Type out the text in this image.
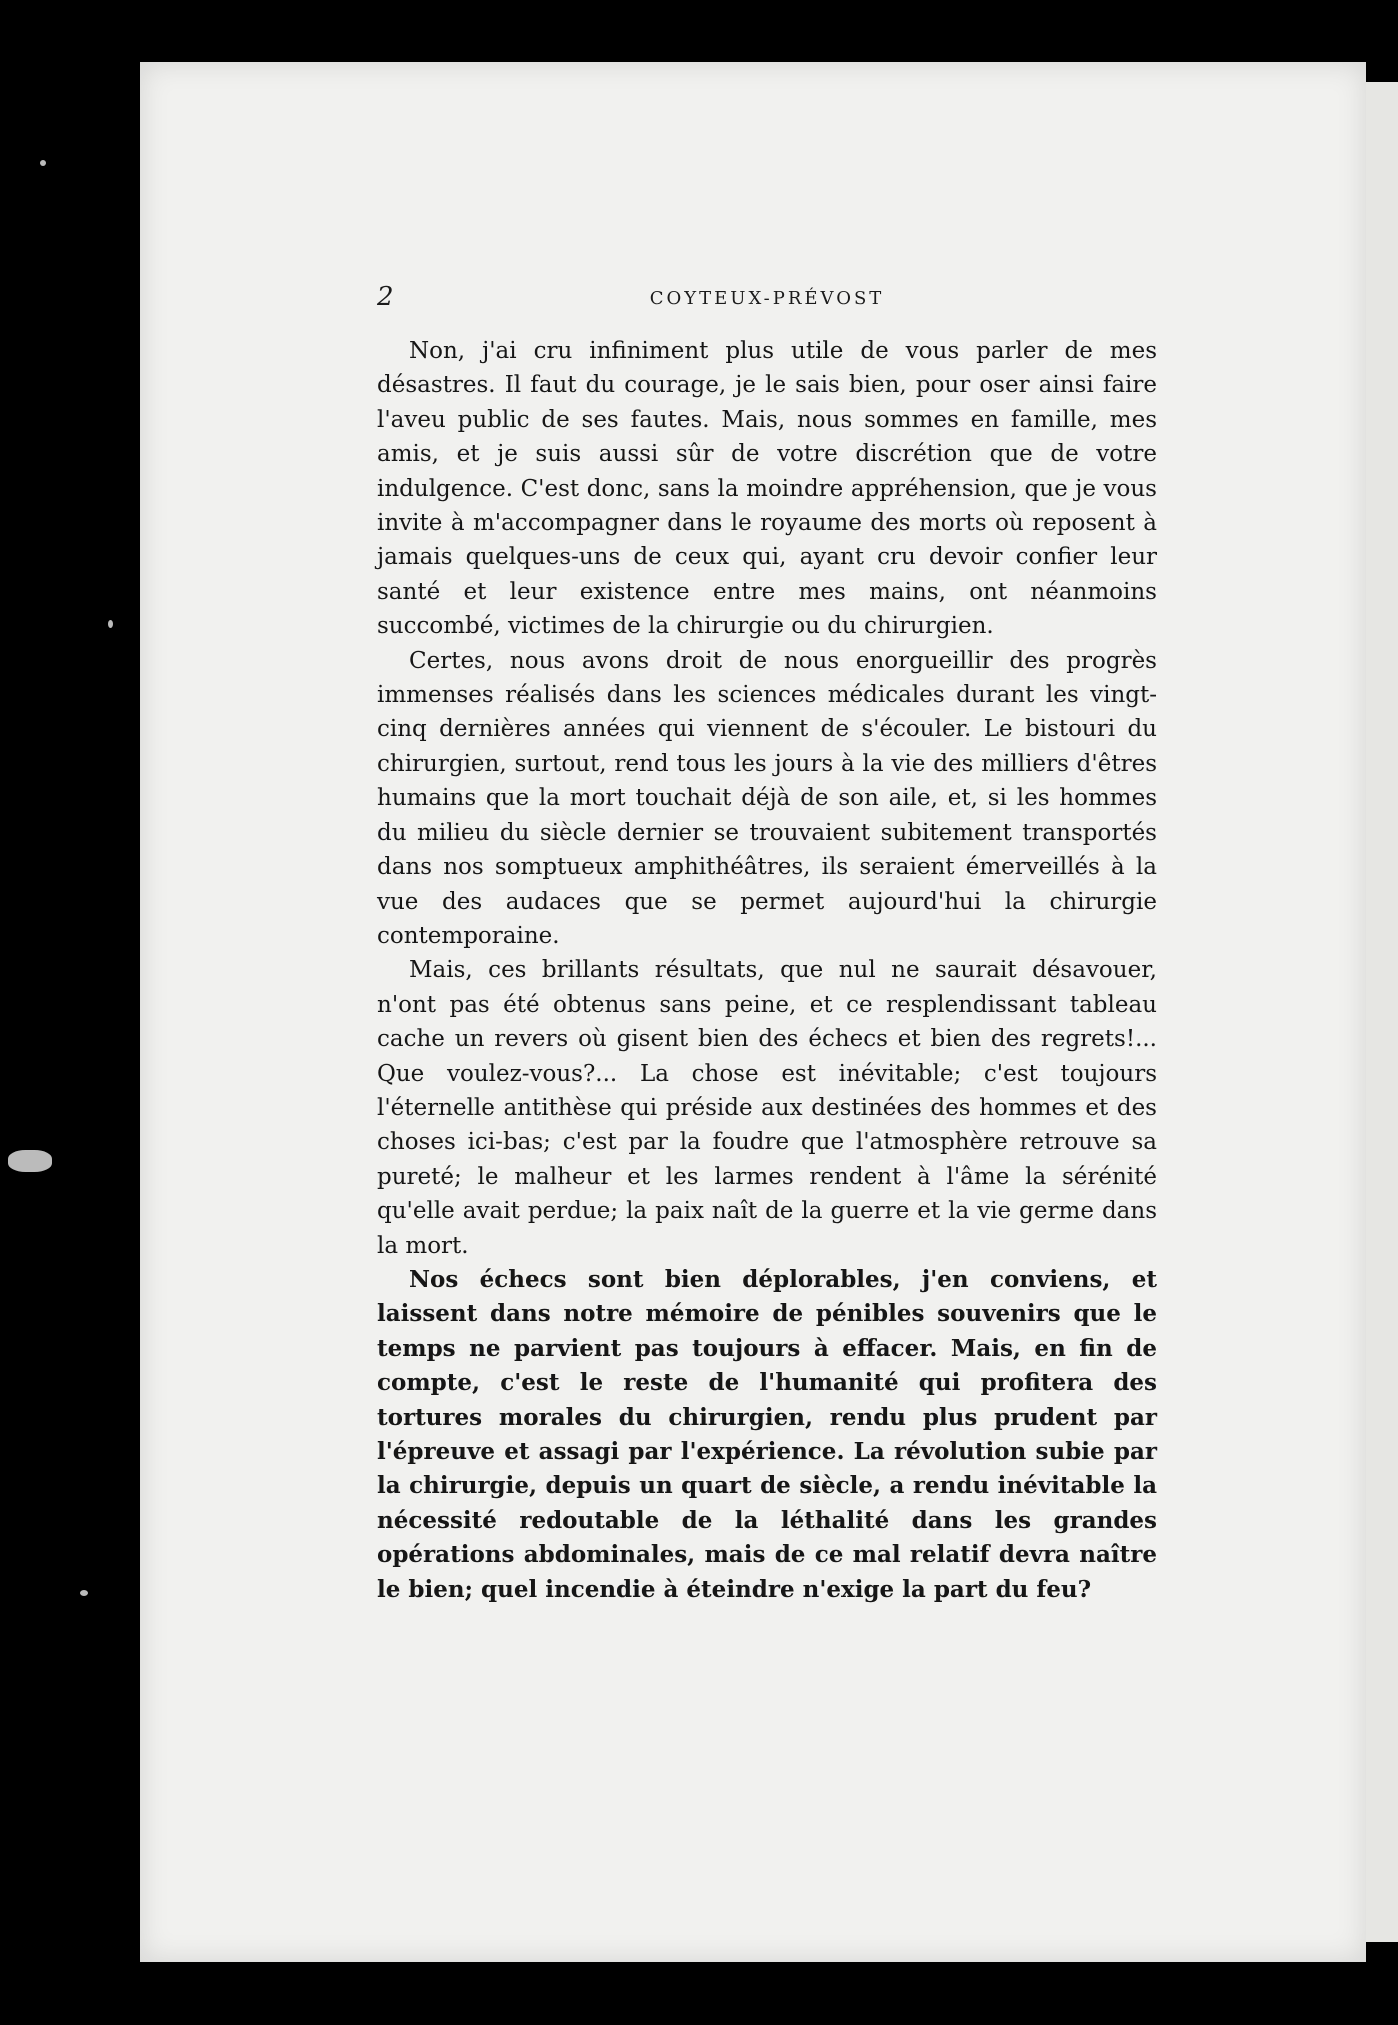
2	COYTEUX-PRÉVOST

Non, j'ai cru infiniment plus utile de vous parler de mes désastres. Il faut du courage, je le sais bien, pour oser ainsi faire l'aveu public de ses fautes. Mais, nous sommes en famille, mes amis, et je suis aussi sûr de votre discrétion que de votre indulgence. C'est donc, sans la moindre appréhension, que je vous invite à m'accompagner dans le royaume des morts où reposent à jamais quelques-uns de ceux qui, ayant cru devoir confier leur santé et leur existence entre mes mains, ont néanmoins succombé, victimes de la chirurgie ou du chirurgien.

Certes, nous avons droit de nous enorgueillir des progrès immenses réalisés dans les sciences médicales durant les vingt-cinq dernières années qui viennent de s'écouler. Le bistouri du chirurgien, surtout, rend tous les jours à la vie des milliers d'êtres humains que la mort touchait déjà de son aile, et, si les hommes du milieu du siècle dernier se trouvaient subitement transportés dans nos somptueux amphithéâtres, ils seraient émerveillés à la vue des audaces que se permet aujourd'hui la chirurgie contemporaine.

Mais, ces brillants résultats, que nul ne saurait désavouer, n'ont pas été obtenus sans peine, et ce resplendissant tableau cache un revers où gisent bien des échecs et bien des regrets!... Que voulez-vous?... La chose est inévitable; c'est toujours l'éternelle antithèse qui préside aux destinées des hommes et des choses ici-bas; c'est par la foudre que l'atmosphère retrouve sa pureté; le malheur et les larmes rendent à l'âme la sérénité qu'elle avait perdue; la paix naît de la guerre et la vie germe dans la mort.

Nos échecs sont bien déplorables, j'en conviens, et laissent dans notre mémoire de pénibles souvenirs que le temps ne parvient pas toujours à effacer. Mais, en fin de compte, c'est le reste de l'humanité qui profitera des tortures morales du chirurgien, rendu plus prudent par l'épreuve et assagi par l'expérience. La révolution subie par la chirurgie, depuis un quart de siècle, a rendu inévitable la nécessité redoutable de la léthalité dans les grandes opérations abdominales, mais de ce mal relatif devra naître le bien; quel incendie à éteindre n'exige la part du feu?
